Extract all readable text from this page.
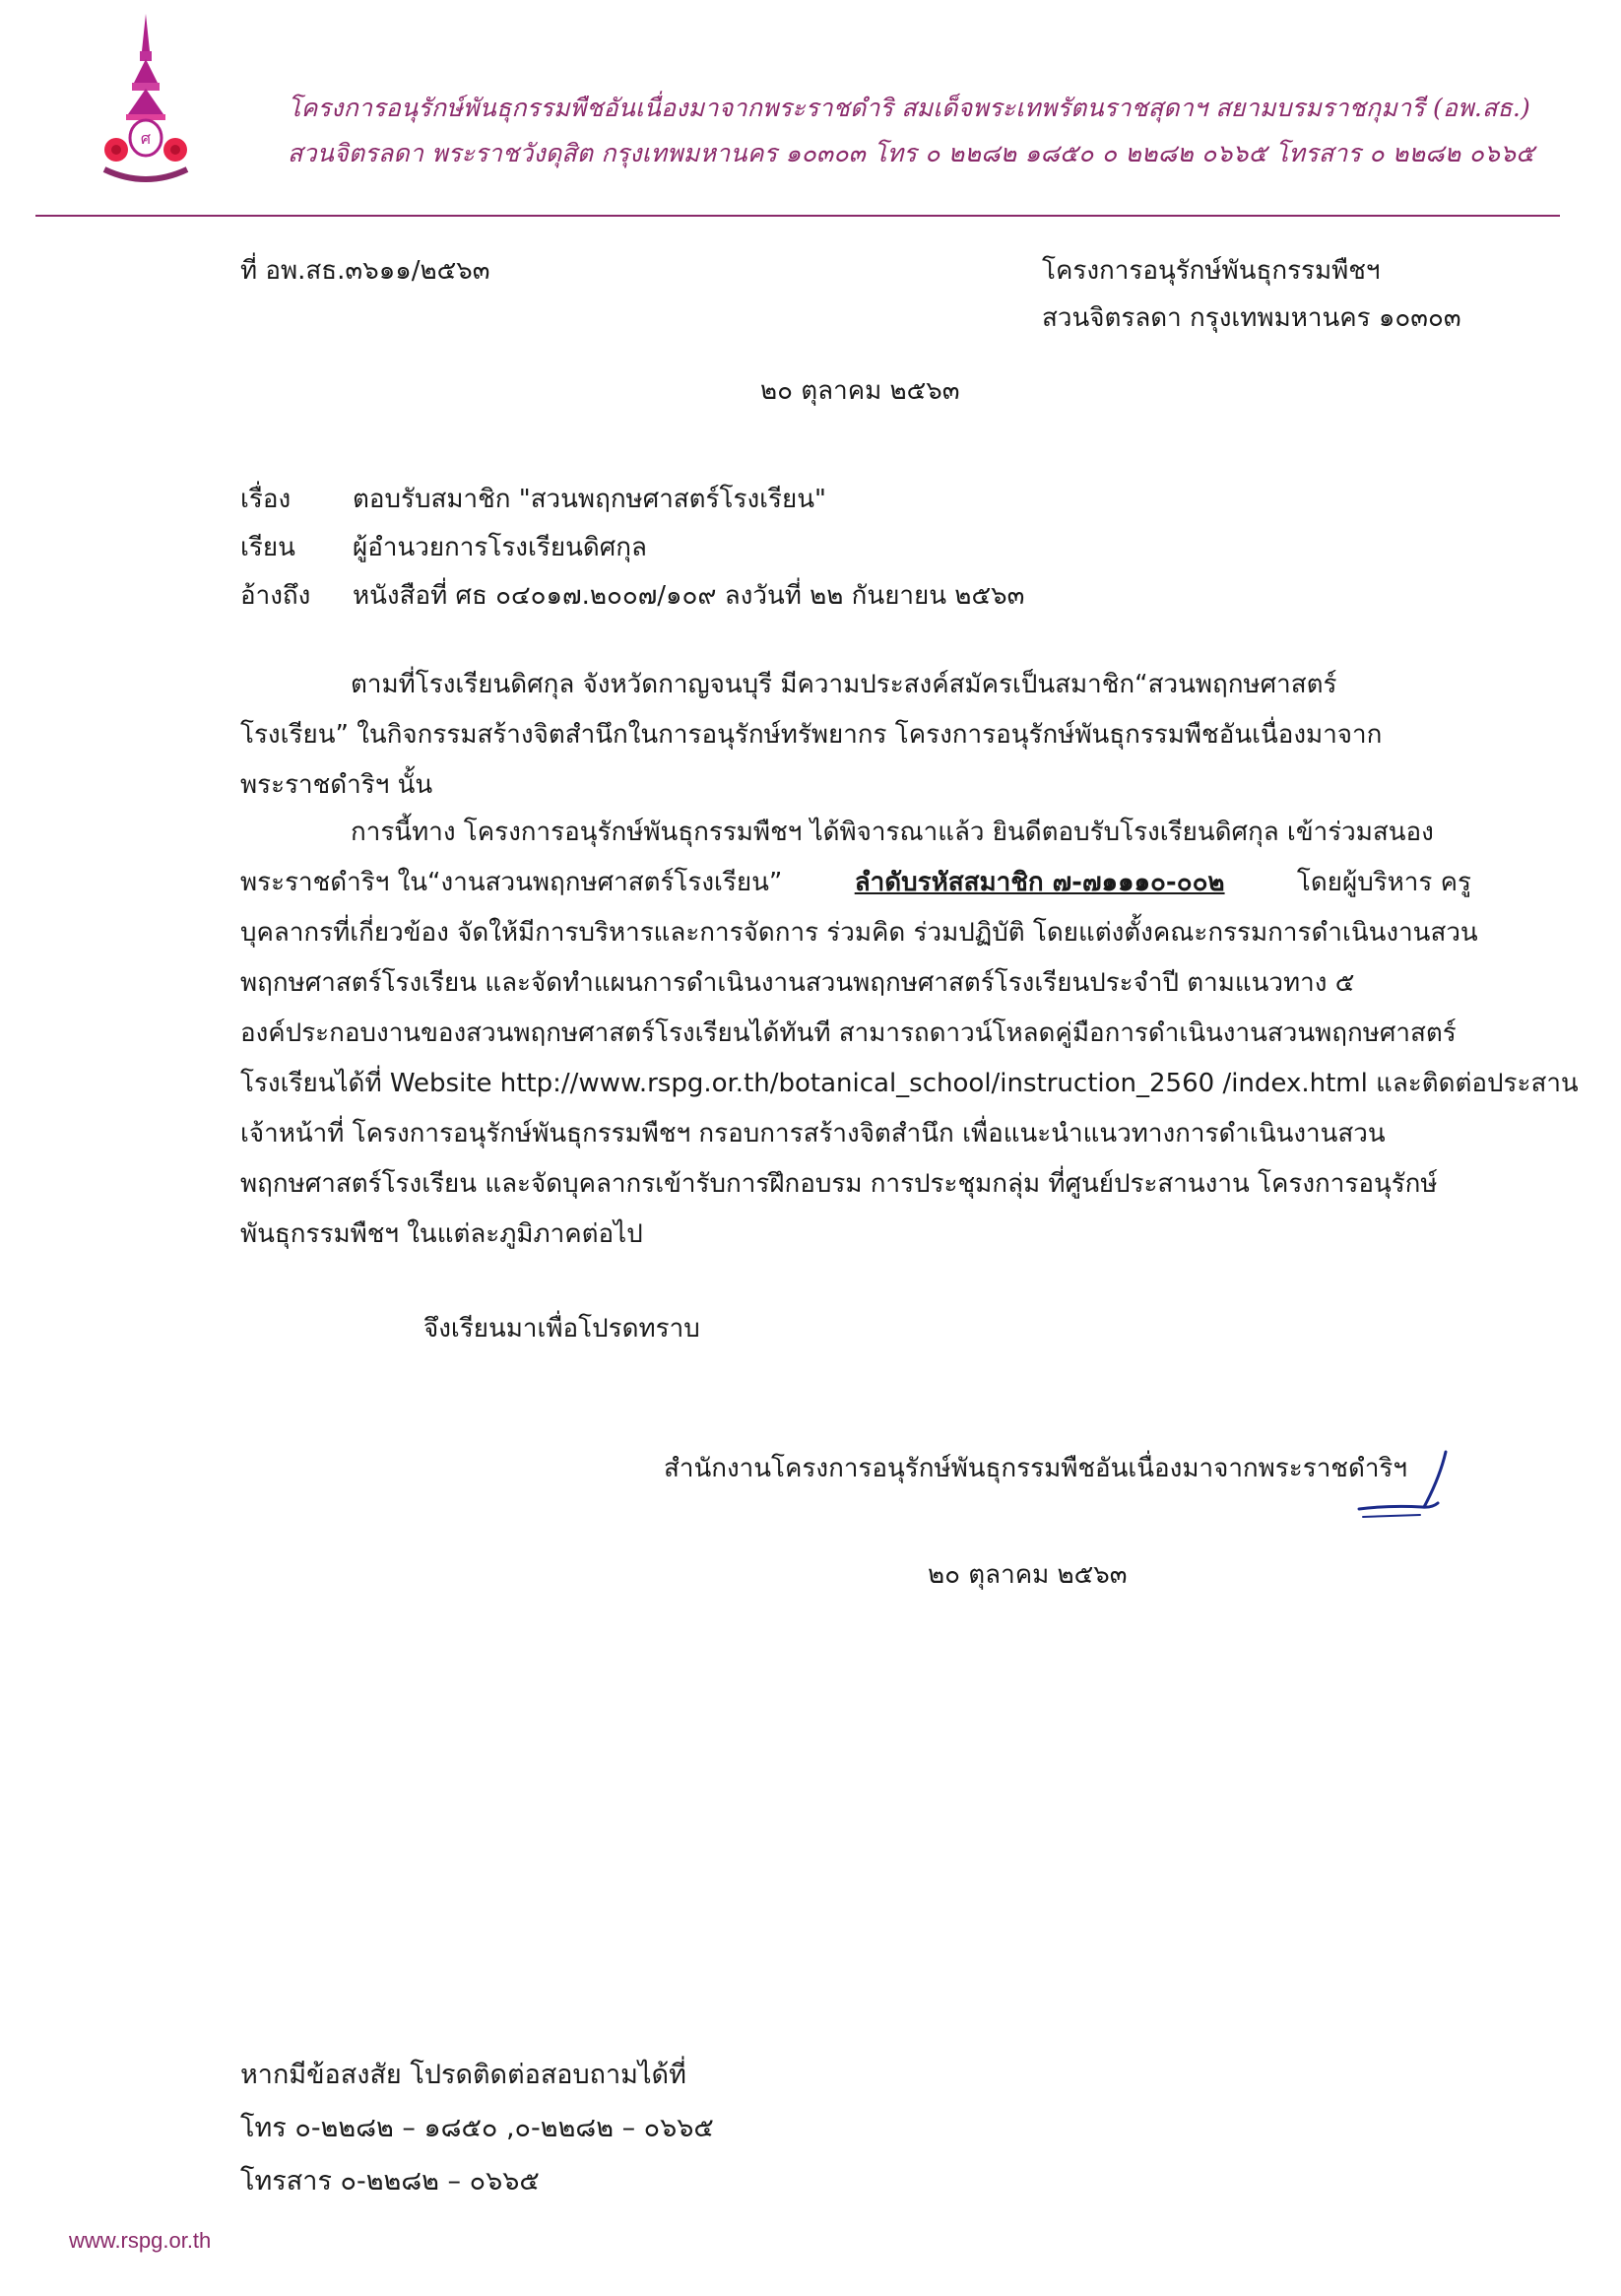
ศ
โครงการอนุรักษ์พันธุกรรมพืชอันเนื่องมาจากพระราชดำริ สมเด็จพระเทพรัตนราชสุดาฯ สยามบรมราชกุมารี (อพ.สธ.)
สวนจิตรลดา พระราชวังดุสิต กรุงเทพมหานคร ๑๐๓๐๓ โทร ๐ ๒๒๘๒ ๑๘๕๐ ๐ ๒๒๘๒ ๐๖๖๕ โทรสาร ๐ ๒๒๘๒ ๐๖๖๕
ที่ อพ.สธ.๓๖๑๑/๒๕๖๓	โครงการอนุรักษ์พันธุกรรมพืชฯ
สวนจิตรลดา กรุงเทพมหานคร ๑๐๓๐๓
๒๐ ตุลาคม ๒๕๖๓
เรื่อง ตอบรับสมาชิก "สวนพฤกษศาสตร์โรงเรียน"
เรียน ผู้อำนวยการโรงเรียนดิศกุล
อ้างถึง หนังสือที่ ศธ ๐๔๐๑๗.๒๐๐๗/๑๐๙ ลงวันที่ ๒๒ กันยายน ๒๕๖๓
ตามที่โรงเรียนดิศกุล จังหวัดกาญจนบุรี มีความประสงค์สมัครเป็นสมาชิก“สวนพฤกษศาสตร์
โรงเรียน” ในกิจกรรมสร้างจิตสำนึกในการอนุรักษ์ทรัพยากร โครงการอนุรักษ์พันธุกรรมพืชอันเนื่องมาจาก
พระราชดำริฯ นั้น
การนี้ทาง โครงการอนุรักษ์พันธุกรรมพืชฯ ได้พิจารณาแล้ว ยินดีตอบรับโรงเรียนดิศกุล เข้าร่วมสนอง
พระราชดำริฯ ใน“งานสวนพฤกษศาสตร์โรงเรียน”	ลำดับรหัสสมาชิก ๗-๗๑๑๑๐-๐๐๒	โดยผู้บริหาร ครู
บุคลากรที่เกี่ยวข้อง จัดให้มีการบริหารและการจัดการ ร่วมคิด ร่วมปฏิบัติ โดยแต่งตั้งคณะกรรมการดำเนินงานสวน
พฤกษศาสตร์โรงเรียน และจัดทำแผนการดำเนินงานสวนพฤกษศาสตร์โรงเรียนประจำปี ตามแนวทาง ๕
องค์ประกอบงานของสวนพฤกษศาสตร์โรงเรียนได้ทันที สามารถดาวน์โหลดคู่มือการดำเนินงานสวนพฤกษศาสตร์
โรงเรียนได้ที่ Website http://www.rspg.or.th/botanical_school/instruction_2560 /index.html และติดต่อประสาน
เจ้าหน้าที่ โครงการอนุรักษ์พันธุกรรมพืชฯ กรอบการสร้างจิตสำนึก เพื่อแนะนำแนวทางการดำเนินงานสวน
พฤกษศาสตร์โรงเรียน และจัดบุคลากรเข้ารับการฝึกอบรม การประชุมกลุ่ม ที่ศูนย์ประสานงาน โครงการอนุรักษ์
พันธุกรรมพืชฯ ในแต่ละภูมิภาคต่อไป
จึงเรียนมาเพื่อโปรดทราบ
สำนักงานโครงการอนุรักษ์พันธุกรรมพืชอันเนื่องมาจากพระราชดำริฯ
๒๐ ตุลาคม ๒๕๖๓
หากมีข้อสงสัย โปรดติดต่อสอบถามได้ที่
โทร ๐-๒๒๘๒ – ๑๘๕๐ ,๐-๒๒๘๒ – ๐๖๖๕
โทรสาร ๐-๒๒๘๒ – ๐๖๖๕
www.rspg.or.th
